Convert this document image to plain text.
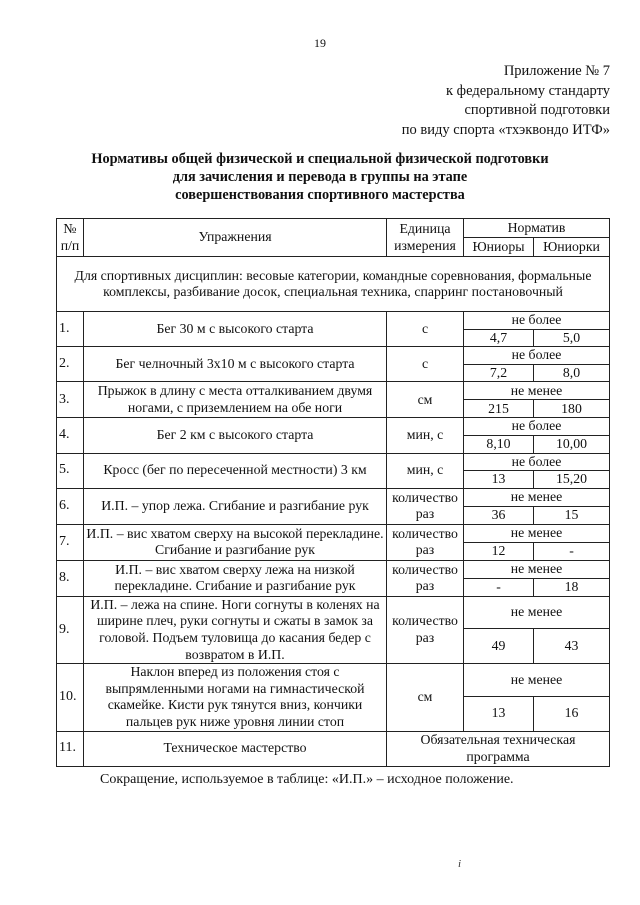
19
Приложение № 7
к федеральному стандарту
спортивной подготовки
по виду спорта «тхэквондо ИТФ»
Нормативы общей физической и специальной физической подготовки
для зачисления и перевода в группы на этапе
совершенствования спортивного мастерства
№ п/п	Упражнения	Единица измерения	Норматив	
			Юниоры	Юниорки
Для спортивных дисциплин: весовые категории, командные соревнования, формальные комплексы, разбивание досок, специальная техника, спарринг постановочный				
1.	Бег 30 м с высокого старта	с	не более	
			4,7	5,0
2.	Бег челночный 3х10 м с высокого старта	с	не более	
			7,2	8,0
3.	Прыжок в длину с места отталкиванием двумя ногами, с приземлением на обе ноги	см	не менее	
			215	180
4.	Бег 2 км с высокого старта	мин, с	не более	
			8,10	10,00
5.	Кросс (бег по пересеченной местности) 3 км	мин, с	не более	
			13	15,20
6.	И.П. – упор лежа. Сгибание и разгибание рук	количество раз	не менее	
			36	15
7.	И.П. – вис хватом сверху на высокой перекладине. Сгибание и разгибание рук	количество раз	не менее	
			12	-
8.	И.П. – вис хватом сверху лежа на низкой перекладине. Сгибание и разгибание рук	количество раз	не менее	
			-	18
9.	И.П. – лежа на спине. Ноги согнуты в коленях на ширине плеч, руки согнуты и сжаты в замок за головой. Подъем туловища до касания бедер с возвратом в И.П.	количество раз	не менее	
			49	43
10.	Наклон вперед из положения стоя с выпрямленными ногами на гимнастической скамейке. Кисти рук тянутся вниз, кончики пальцев рук ниже уровня линии стоп	см	не менее	
			13	16
11.	Техническое мастерство	Обязательная техническая программа		
Сокращение, используемое в таблице: «И.П.» – исходное положение.
i
